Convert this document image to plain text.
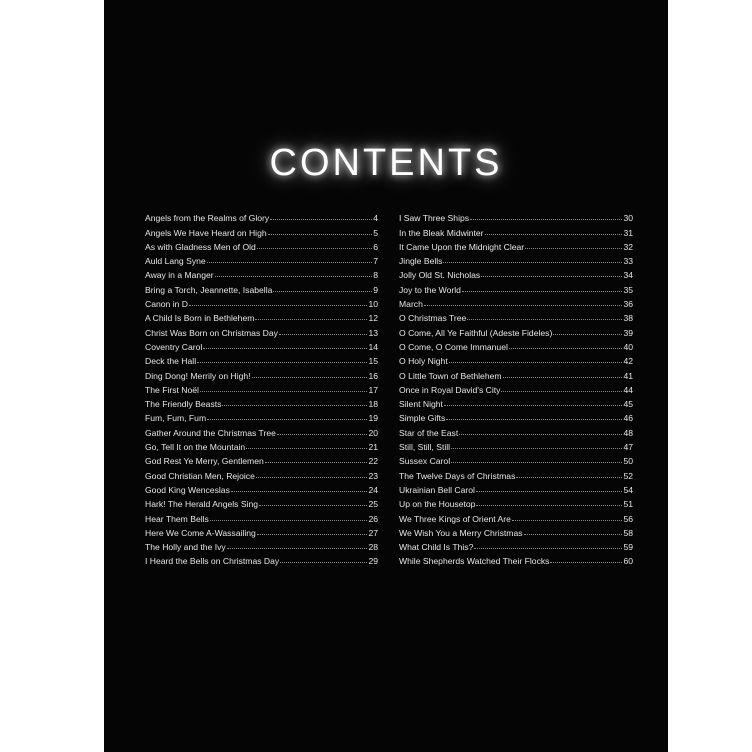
CONTENTS
Angels from the Realms of Glory	4
Angels We Have Heard on High	5
As with Gladness Men of Old	6
Auld Lang Syne	7
Away in a Manger	8
Bring a Torch, Jeannette, Isabella	9
Canon in D	10
A Child Is Born in Bethlehem	12
Christ Was Born on Christmas Day	13
Coventry Carol	14
Deck the Hall	15
Ding Dong! Merrily on High!	16
The First Noël	17
The Friendly Beasts	18
Fum, Fum, Fum	19
Gather Around the Christmas Tree	20
Go, Tell It on the Mountain	21
God Rest Ye Merry, Gentlemen	22
Good Christian Men, Rejoice	23
Good King Wenceslas	24
Hark! The Herald Angels Sing	25
Hear Them Bells	26
Here We Come A-Wassailing	27
The Holly and the Ivy	28
I Heard the Bells on Christmas Day	29
I Saw Three Ships	30
In the Bleak Midwinter	31
It Came Upon the Midnight Clear	32
Jingle Bells	33
Jolly Old St. Nicholas	34
Joy to the World	35
March	36
O Christmas Tree	38
O Come, All Ye Faithful (Adeste Fideles)	39
O Come, O Come Immanuel	40
O Holy Night	42
O Little Town of Bethlehem	41
Once in Royal David's City	44
Silent Night	45
Simple Gifts	46
Star of the East	48
Still, Still, Still	47
Sussex Carol	50
The Twelve Days of Christmas	52
Ukrainian Bell Carol	54
Up on the Housetop	51
We Three Kings of Orient Are	56
We Wish You a Merry Christmas	58
What Child Is This?	59
While Shepherds Watched Their Flocks	60
